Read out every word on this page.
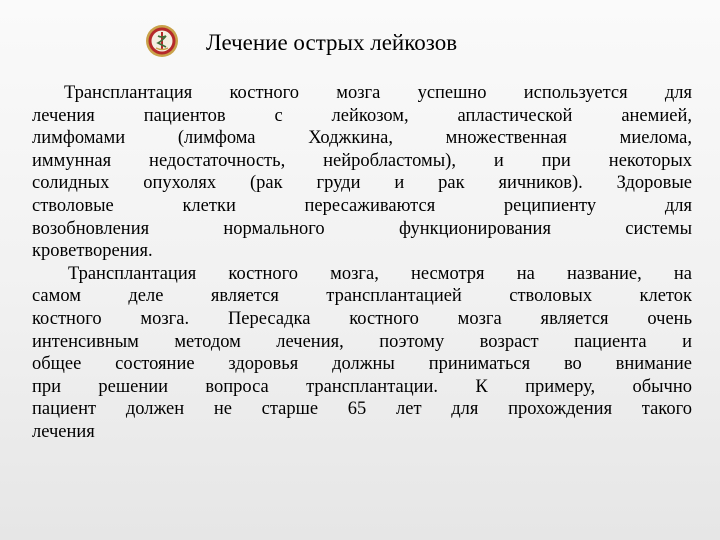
Лечение острых лейкозов
Трансплантация костного мозга успешно используется для
лечения пациентов с лейкозом, апластической анемией,
лимфомами (лимфома Ходжкина, множественная миелома,
иммунная недостаточность, нейробластомы), и при некоторых
солидных опухолях (рак груди и рак яичников). Здоровые
стволовые клетки пересаживаются реципиенту для
возобновления нормального функционирования системы
кроветворения.
Трансплантация костного мозга, несмотря на название, на
самом деле является трансплантацией стволовых клеток
костного мозга. Пересадка костного мозга является очень
интенсивным методом лечения, поэтому возраст пациента и
общее состояние здоровья должны приниматься во внимание
при решении вопроса трансплантации. К примеру, обычно
пациент должен не старше 65 лет для прохождения такого
лечения
